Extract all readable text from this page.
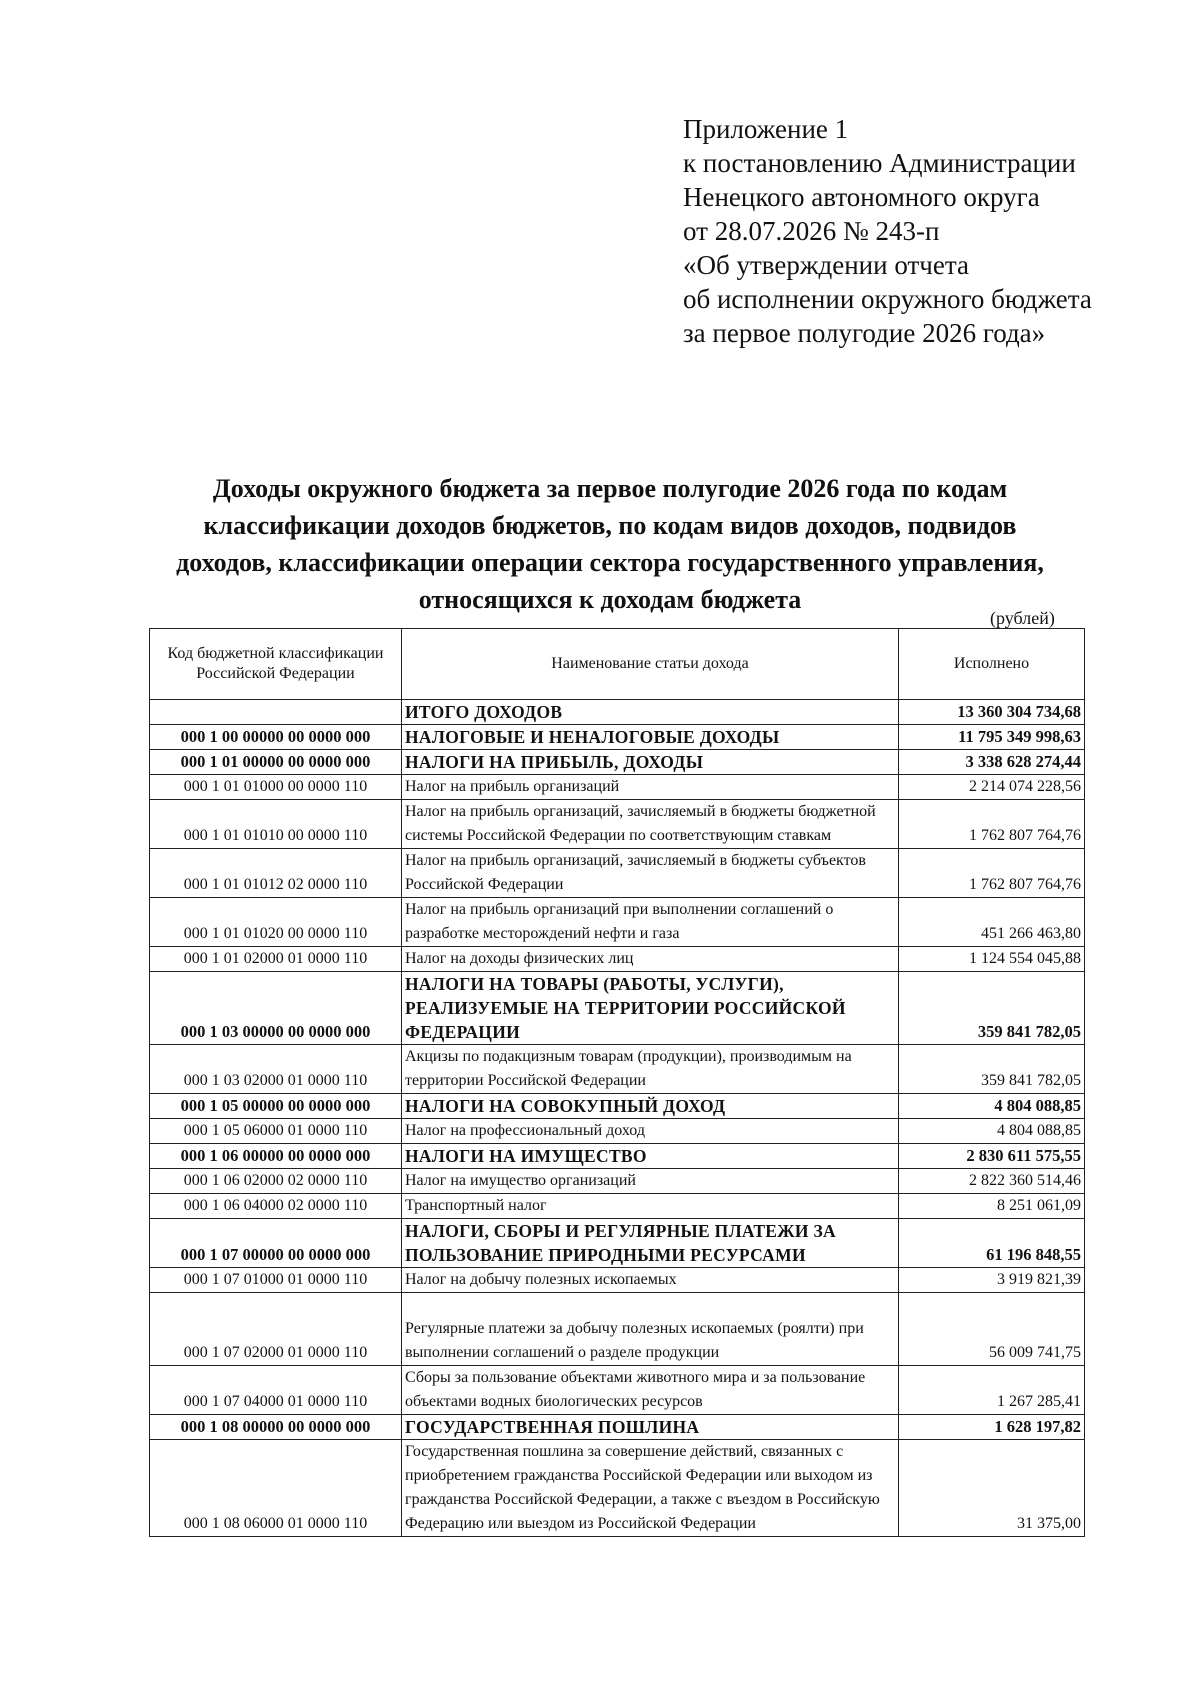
Приложение 1
к постановлению Администрации
Ненецкого автономного округа
от 28.07.2026 № 243-п
«Об утверждении отчета
об исполнении окружного бюджета
за первое полугодие 2026 года»
Доходы окружного бюджета за первое полугодие 2026 года по кодам
классификации доходов бюджетов, по кодам видов доходов, подвидов
доходов, классификации операции сектора государственного управления,
относящихся к доходам бюджета
(рублей)
Код бюджетной классификации Российской Федерации	Наименование статьи дохода	Исполнено
	ИТОГО ДОХОДОВ	13 360 304 734,68
000 1 00 00000 00 0000 000	НАЛОГОВЫЕ И НЕНАЛОГОВЫЕ ДОХОДЫ	11 795 349 998,63
000 1 01 00000 00 0000 000	НАЛОГИ НА ПРИБЫЛЬ, ДОХОДЫ	3 338 628 274,44
000 1 01 01000 00 0000 110	Налог на прибыль организаций	2 214 074 228,56
000 1 01 01010 00 0000 110	Налог на прибыль организаций, зачисляемый в бюджеты бюджетной системы Российской Федерации по соответствующим ставкам	1 762 807 764,76
000 1 01 01012 02 0000 110	Налог на прибыль организаций, зачисляемый в бюджеты субъектов Российской Федерации	1 762 807 764,76
000 1 01 01020 00 0000 110	Налог на прибыль организаций при выполнении соглашений о разработке месторождений нефти и газа	451 266 463,80
000 1 01 02000 01 0000 110	Налог на доходы физических лиц	1 124 554 045,88
000 1 03 00000 00 0000 000	НАЛОГИ НА ТОВАРЫ (РАБОТЫ, УСЛУГИ), РЕАЛИЗУЕМЫЕ НА ТЕРРИТОРИИ РОССИЙСКОЙ ФЕДЕРАЦИИ	359 841 782,05
000 1 03 02000 01 0000 110	Акцизы по подакцизным товарам (продукции), производимым на территории Российской Федерации	359 841 782,05
000 1 05 00000 00 0000 000	НАЛОГИ НА СОВОКУПНЫЙ ДОХОД	4 804 088,85
000 1 05 06000 01 0000 110	Налог на профессиональный доход	4 804 088,85
000 1 06 00000 00 0000 000	НАЛОГИ НА ИМУЩЕСТВО	2 830 611 575,55
000 1 06 02000 02 0000 110	Налог на имущество организаций	2 822 360 514,46
000 1 06 04000 02 0000 110	Транспортный налог	8 251 061,09
000 1 07 00000 00 0000 000	НАЛОГИ, СБОРЫ И РЕГУЛЯРНЫЕ ПЛАТЕЖИ ЗА ПОЛЬЗОВАНИЕ ПРИРОДНЫМИ РЕСУРСАМИ	61 196 848,55
000 1 07 01000 01 0000 110	Налог на добычу полезных ископаемых	3 919 821,39
000 1 07 02000 01 0000 110	Регулярные платежи за добычу полезных ископаемых (роялти) при выполнении соглашений о разделе продукции	56 009 741,75
000 1 07 04000 01 0000 110	Сборы за пользование объектами животного мира и за пользование объектами водных биологических ресурсов	1 267 285,41
000 1 08 00000 00 0000 000	ГОСУДАРСТВЕННАЯ ПОШЛИНА	1 628 197,82
000 1 08 06000 01 0000 110	Государственная пошлина за совершение действий, связанных с приобретением гражданства Российской Федерации или выходом из гражданства Российской Федерации, а также с въездом в Российскую Федерацию или выездом из Российской Федерации	31 375,00
